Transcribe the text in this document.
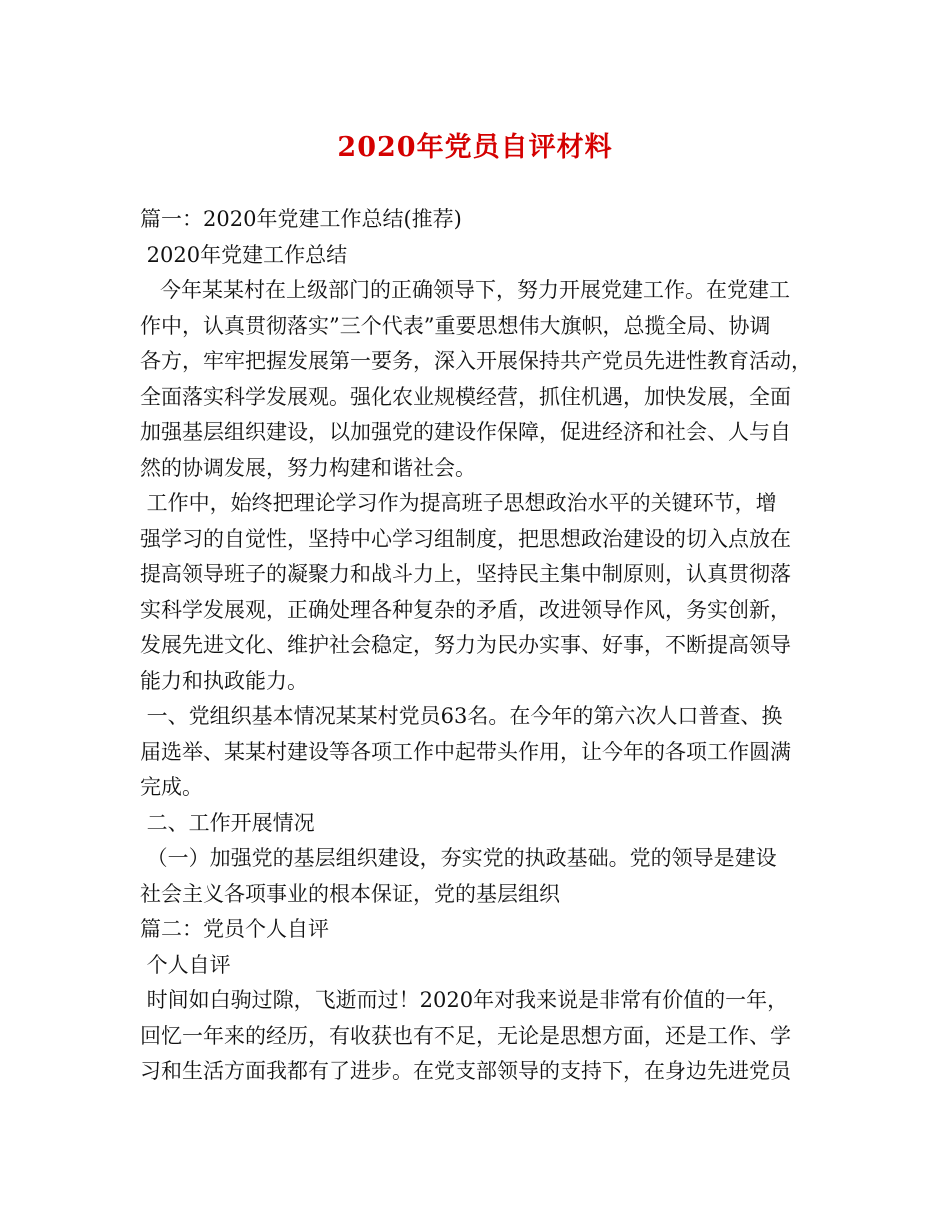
2020年党员自评材料
篇一：2020年党建工作总结(推荐)
2020年党建工作总结
今年某某村在上级部门的正确领导下，努力开展党建工作。在党建工
作中，认真贯彻落实”三个代表”重要思想伟大旗帜，总揽全局、协调
各方，牢牢把握发展第一要务，深入开展保持共产党员先进性教育活动，
全面落实科学发展观。强化农业规模经营，抓住机遇，加快发展，全面
加强基层组织建设，以加强党的建设作保障，促进经济和社会、人与自
然的协调发展，努力构建和谐社会。
工作中，始终把理论学习作为提高班子思想政治水平的关键环节，增
强学习的自觉性，坚持中心学习组制度，把思想政治建设的切入点放在
提高领导班子的凝聚力和战斗力上，坚持民主集中制原则，认真贯彻落
实科学发展观，正确处理各种复杂的矛盾，改进领导作风，务实创新，
发展先进文化、维护社会稳定，努力为民办实事、好事，不断提高领导
能力和执政能力。
一、党组织基本情况某某村党员63名。在今年的第六次人口普查、换
届选举、某某村建设等各项工作中起带头作用，让今年的各项工作圆满
完成。
二、工作开展情况
（一）加强党的基层组织建设，夯实党的执政基础。党的领导是建设
社会主义各项事业的根本保证，党的基层组织
篇二：党员个人自评
个人自评
时间如白驹过隙，飞逝而过！2020年对我来说是非常有价值的一年，
回忆一年来的经历，有收获也有不足，无论是思想方面，还是工作、学
习和生活方面我都有了进步。在党支部领导的支持下，在身边先进党员
